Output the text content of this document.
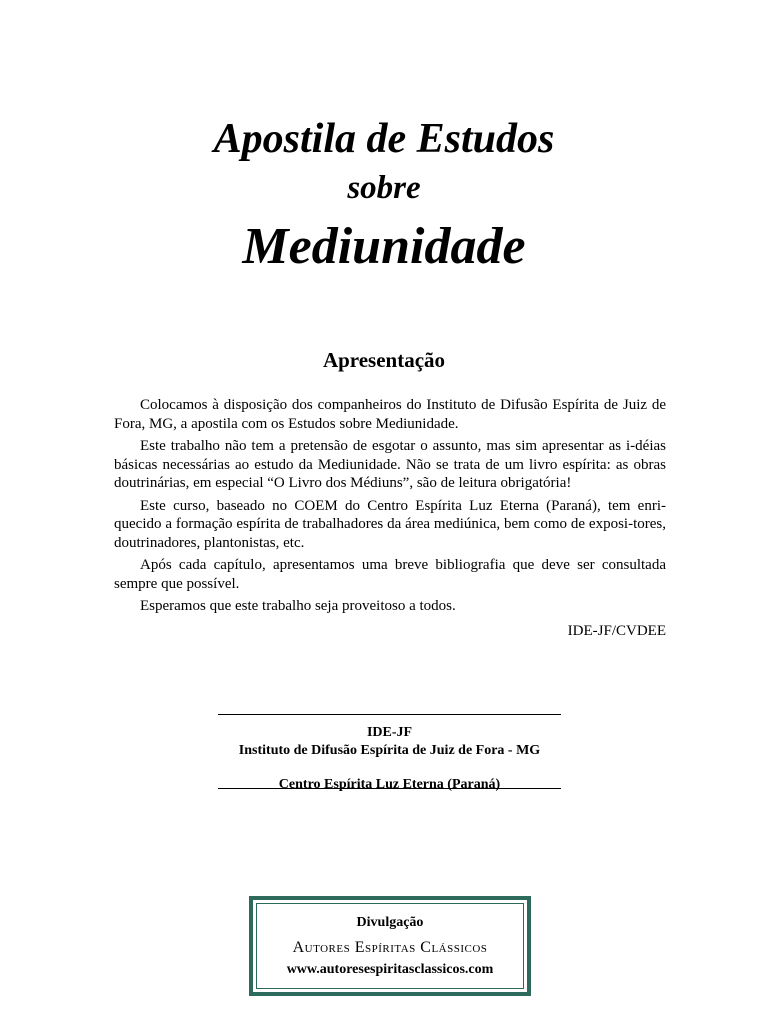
Apostila de Estudos
sobre
Mediunidade
Apresentação

Colocamos à disposição dos companheiros do Instituto de Difusão Espírita de Juiz de Fora, MG, a apostila com os Estudos sobre Mediunidade.

Este trabalho não tem a pretensão de esgotar o assunto, mas sim apresentar as i-déias básicas necessárias ao estudo da Mediunidade. Não se trata de um livro espírita: as obras doutrinárias, em especial “O Livro dos Médiuns”, são de leitura obrigatória!

Este curso, baseado no COEM do Centro Espírita Luz Eterna (Paraná), tem enri-quecido a formação espírita de trabalhadores da área mediúnica, bem como de exposi-tores, doutrinadores, plantonistas, etc.

Após cada capítulo, apresentamos uma breve bibliografia que deve ser consultada sempre que possível.

Esperamos que este trabalho seja proveitoso a todos.

IDE-JF/CVDEE

IDE-JF
Instituto de Difusão Espírita de Juiz de Fora - MG
Centro Espírita Luz Eterna (Paraná)
Divulgação
Autores Espíritas Clássicos
www.autoresespiritasclassicos.com
